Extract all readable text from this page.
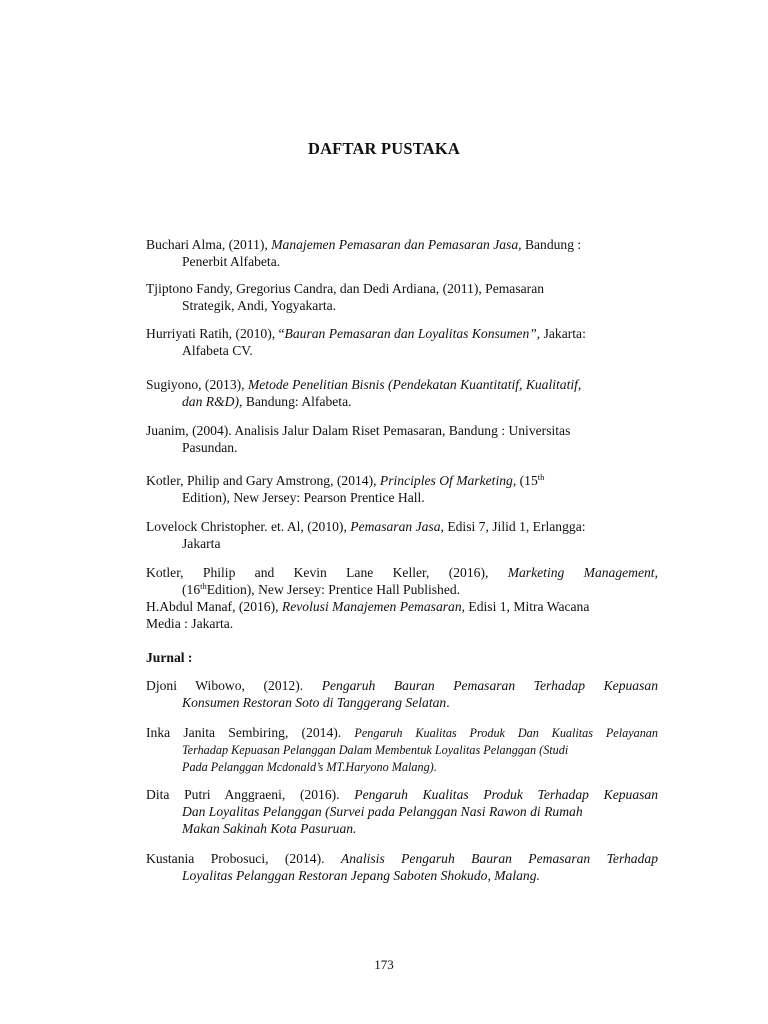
DAFTAR PUSTAKA
Buchari Alma, (2011), Manajemen Pemasaran dan Pemasaran Jasa, Bandung :
Penerbit Alfabeta.
Tjiptono Fandy, Gregorius Candra, dan Dedi Ardiana, (2011), Pemasaran
Strategik, Andi, Yogyakarta.
Hurriyati Ratih, (2010), “Bauran Pemasaran dan Loyalitas Konsumen”, Jakarta:
Alfabeta CV.
Sugiyono, (2013), Metode Penelitian Bisnis (Pendekatan Kuantitatif, Kualitatif,
dan R&D), Bandung: Alfabeta.
Juanim, (2004). Analisis Jalur Dalam Riset Pemasaran, Bandung : Universitas
Pasundan.
Kotler, Philip and Gary Amstrong, (2014), Principles Of Marketing, (15th
Edition), New Jersey: Pearson Prentice Hall.
Lovelock Christopher. et. Al, (2010), Pemasaran Jasa, Edisi 7, Jilid 1, Erlangga:
Jakarta
Kotler, Philip and Kevin Lane Keller, (2016), Marketing Management,
(16thEdition), New Jersey: Prentice Hall Published.
H.Abdul Manaf, (2016), Revolusi Manajemen Pemasaran, Edisi 1, Mitra Wacana
Media : Jakarta.
Jurnal :
Djoni Wibowo, (2012). Pengaruh Bauran Pemasaran Terhadap Kepuasan
Konsumen Restoran Soto di Tanggerang Selatan.
Inka Janita Sembiring, (2014). Pengaruh Kualitas Produk Dan Kualitas Pelayanan
Terhadap Kepuasan Pelanggan Dalam Membentuk Loyalitas Pelanggan (Studi
Pada Pelanggan Mcdonald’s MT.Haryono Malang).
Dita Putri Anggraeni, (2016). Pengaruh Kualitas Produk Terhadap Kepuasan
Dan Loyalitas Pelanggan (Survei pada Pelanggan Nasi Rawon di Rumah
Makan Sakinah Kota Pasuruan.
Kustania Probosuci, (2014). Analisis Pengaruh Bauran Pemasaran Terhadap
Loyalitas Pelanggan Restoran Jepang Saboten Shokudo, Malang.
173
